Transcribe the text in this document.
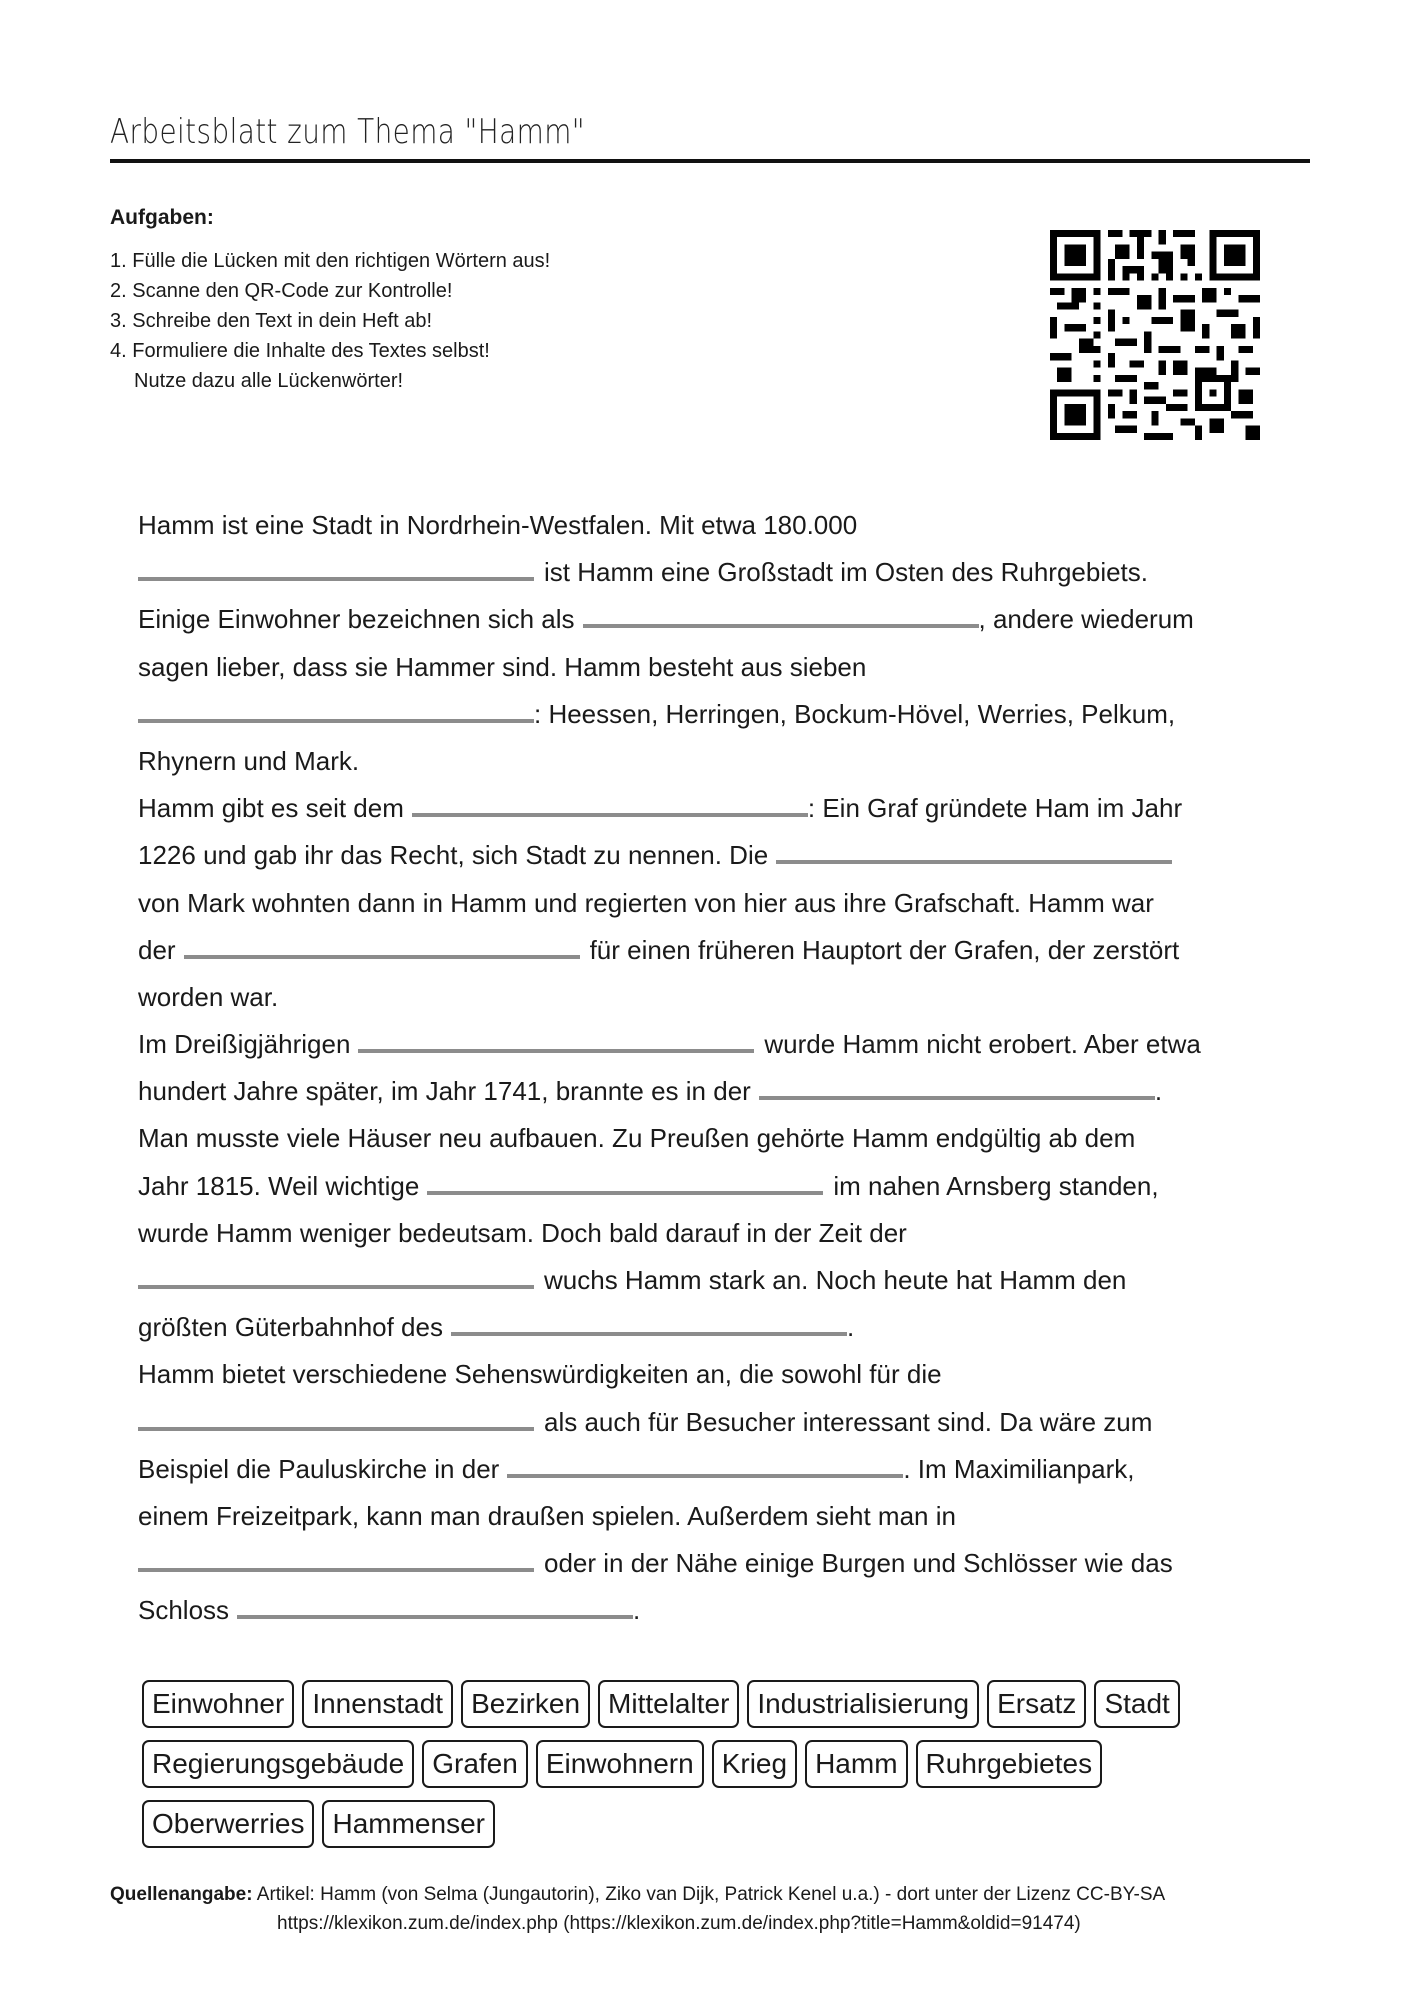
Arbeitsblatt zum Thema "Hamm"
Aufgaben:
1. Fülle die Lücken mit den richtigen Wörtern aus!
2. Scanne den QR-Code zur Kontrolle!
3. Schreibe den Text in dein Heft ab!
4. Formuliere die Inhalte des Textes selbst!
Nutze dazu alle Lückenwörter!
Hamm ist eine Stadt in Nordrhein-Westfalen. Mit etwa 180.000
ist Hamm eine Großstadt im Osten des Ruhrgebiets.
Einige Einwohner bezeichnen sich als	, andere wiederum
sagen lieber, dass sie Hammer sind. Hamm besteht aus sieben
: Heessen, Herringen, Bockum-Hövel, Werries, Pelkum,
Rhynern und Mark.
Hamm gibt es seit dem	: Ein Graf gründete Ham im Jahr
1226 und gab ihr das Recht, sich Stadt zu nennen. Die
von Mark wohnten dann in Hamm und regierten von hier aus ihre Grafschaft. Hamm war
der	für einen früheren Hauptort der Grafen, der zerstört
worden war.
Im Dreißigjährigen	wurde Hamm nicht erobert. Aber etwa
hundert Jahre später, im Jahr 1741, brannte es in der	.
Man musste viele Häuser neu aufbauen. Zu Preußen gehörte Hamm endgültig ab dem
Jahr 1815. Weil wichtige	im nahen Arnsberg standen,
wurde Hamm weniger bedeutsam. Doch bald darauf in der Zeit der
wuchs Hamm stark an. Noch heute hat Hamm den
größten Güterbahnhof des	.
Hamm bietet verschiedene Sehenswürdigkeiten an, die sowohl für die
als auch für Besucher interessant sind. Da wäre zum
Beispiel die Pauluskirche in der	. Im Maximilianpark,
einem Freizeitpark, kann man draußen spielen. Außerdem sieht man in
oder in der Nähe einige Burgen und Schlösser wie das
Schloss	.
Einwohner	Innenstadt	Bezirken	Mittelalter	Industrialisierung	Ersatz	Stadt
Regierungsgebäude	Grafen	Einwohnern	Krieg	Hamm	Ruhrgebietes
Oberwerries	Hammenser
Quellenangabe: Artikel: Hamm (von Selma (Jungautorin), Ziko van Dijk, Patrick Kenel u.a.) - dort unter der Lizenz CC-BY-SA
https://klexikon.zum.de/index.php (https://klexikon.zum.de/index.php?title=Hamm&oldid=91474)
